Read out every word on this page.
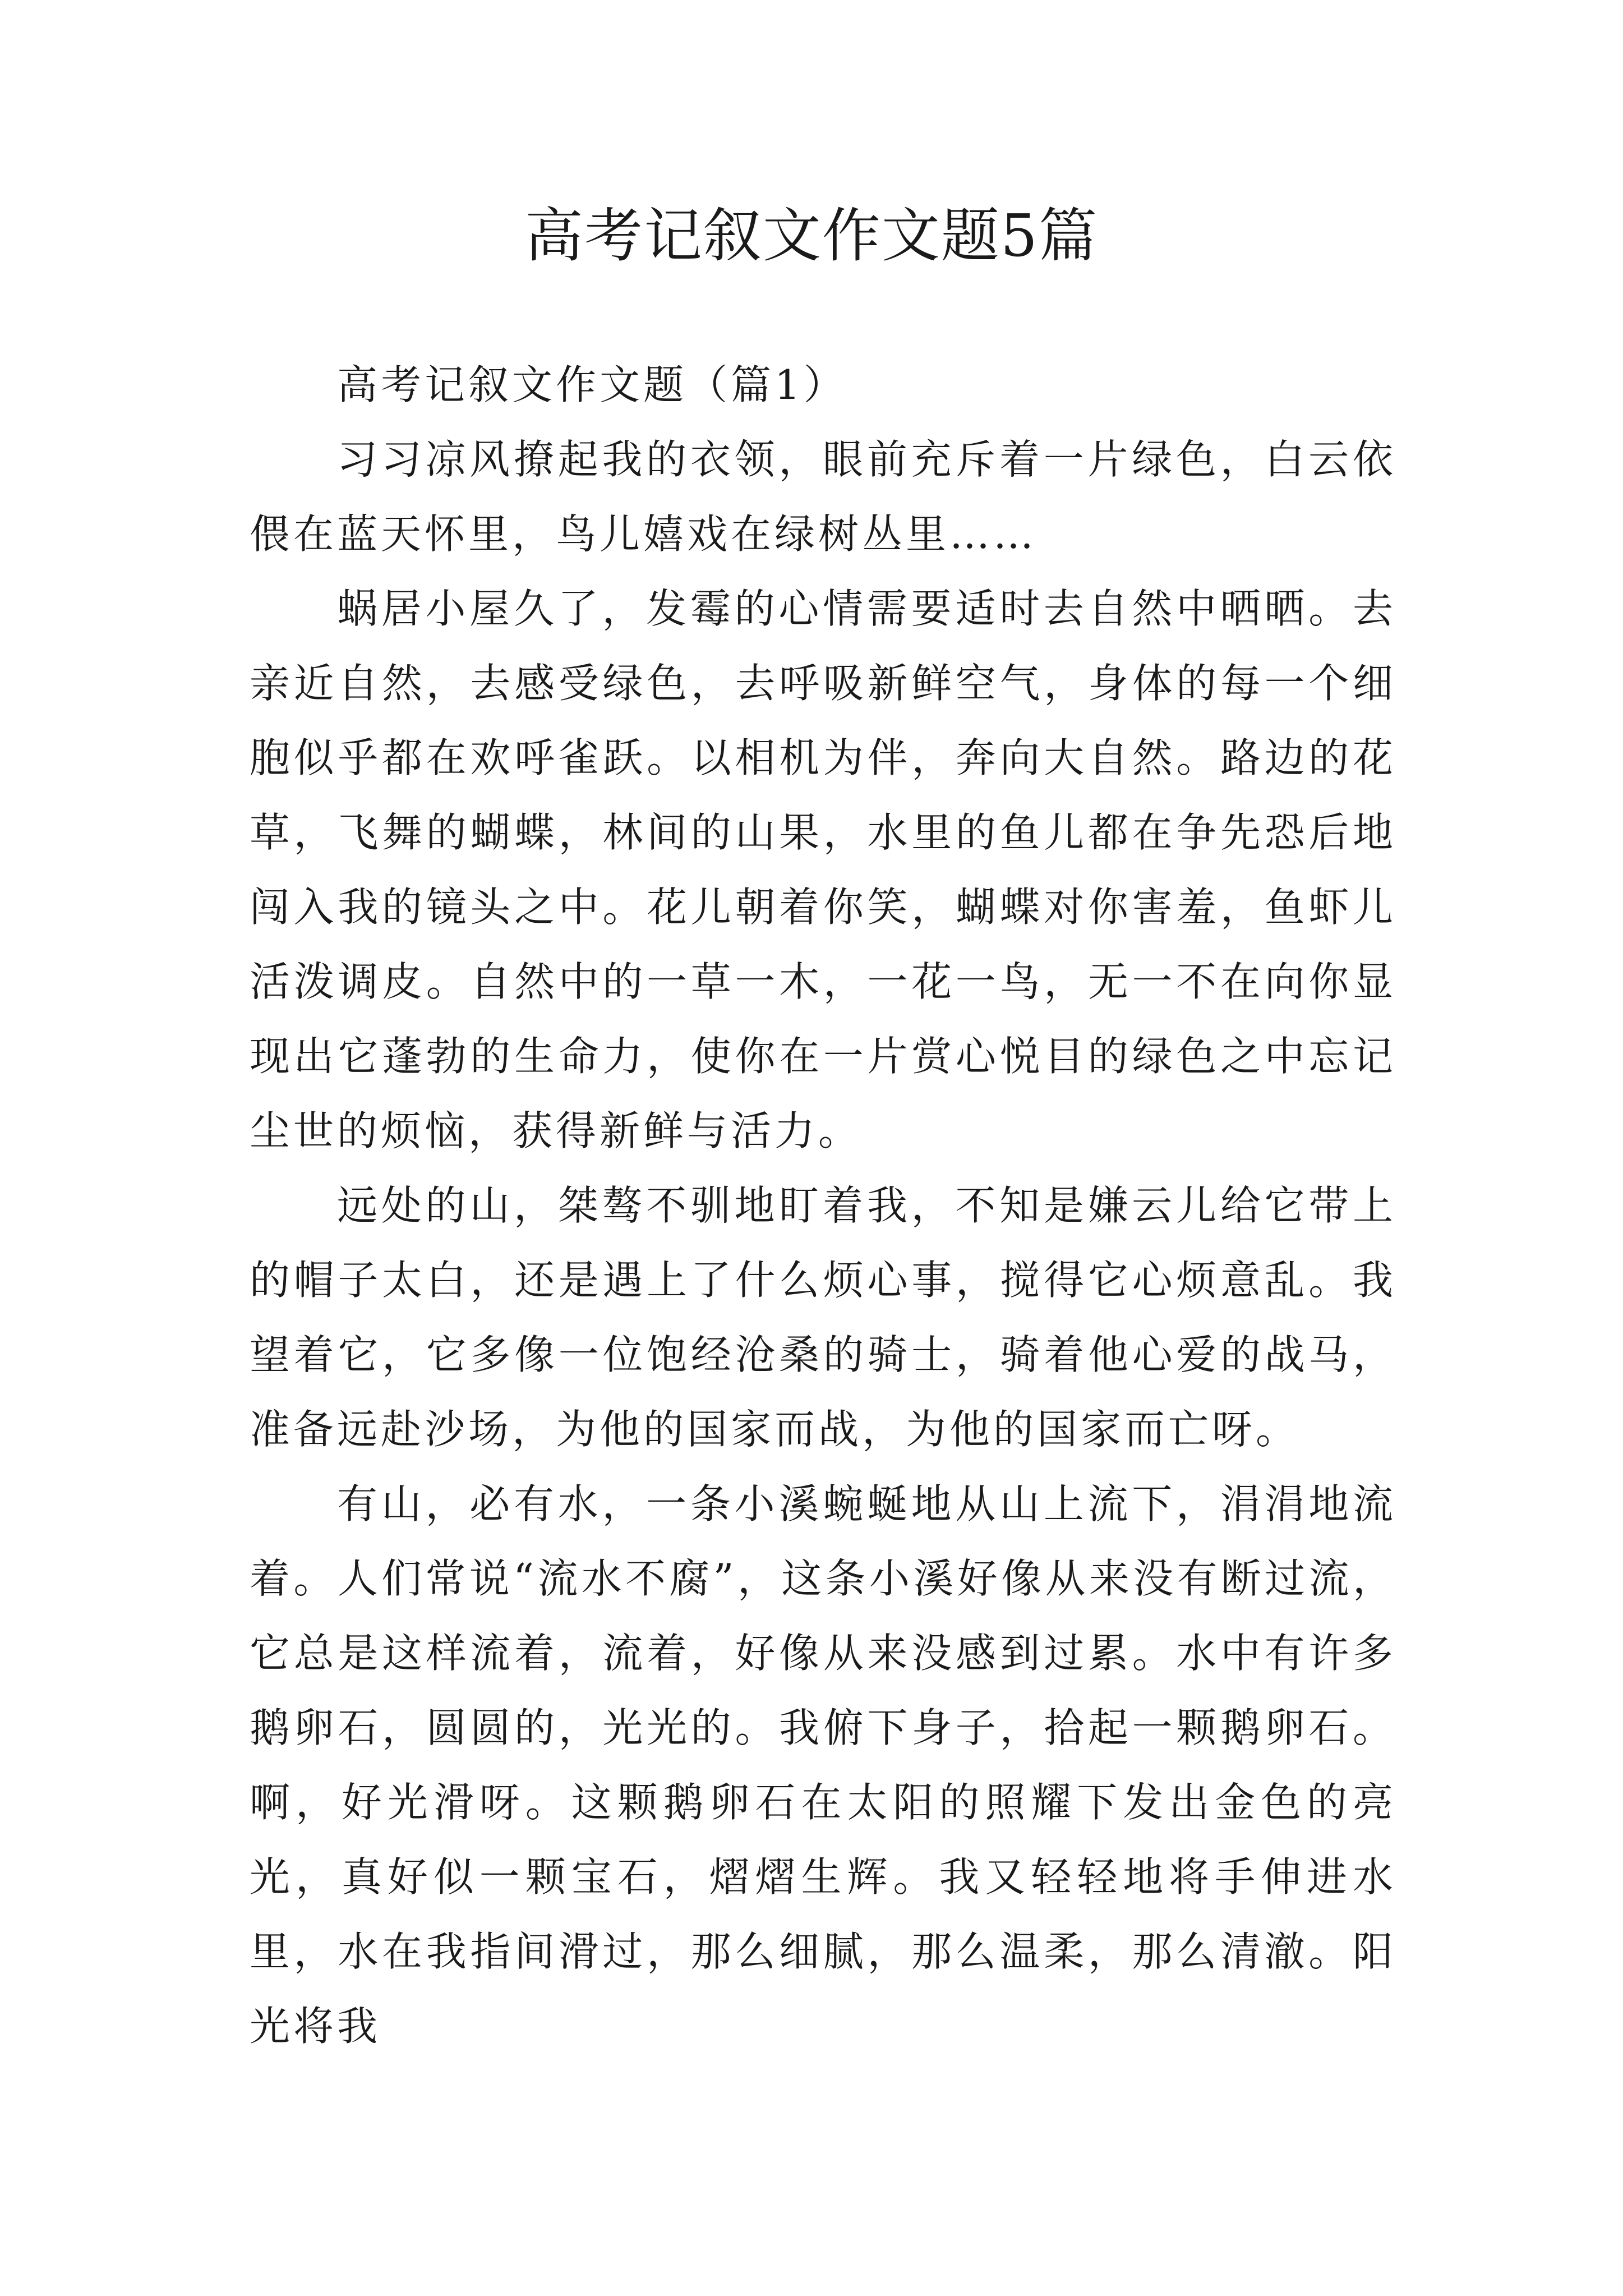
高考记叙文作文题5篇

高考记叙文作文题（篇1）

习习凉风撩起我的衣领，眼前充斥着一片绿色，白云依偎在蓝天怀里，鸟儿嬉戏在绿树丛里……

蜗居小屋久了，发霉的心情需要适时去自然中晒晒。去亲近自然，去感受绿色，去呼吸新鲜空气，身体的每一个细胞似乎都在欢呼雀跃。以相机为伴，奔向大自然。路边的花草，飞舞的蝴蝶，林间的山果，水里的鱼儿都在争先恐后地闯入我的镜头之中。花儿朝着你笑，蝴蝶对你害羞，鱼虾儿活泼调皮。自然中的一草一木，一花一鸟，无一不在向你显现出它蓬勃的生命力，使你在一片赏心悦目的绿色之中忘记尘世的烦恼，获得新鲜与活力。

远处的山，桀骜不驯地盯着我，不知是嫌云儿给它带上的帽子太白，还是遇上了什么烦心事，搅得它心烦意乱。我望着它，它多像一位饱经沧桑的骑士，骑着他心爱的战马，准备远赴沙场，为他的国家而战，为他的国家而亡呀。

有山，必有水，一条小溪蜿蜒地从山上流下，涓涓地流着。人们常说“流水不腐”，这条小溪好像从来没有断过流，它总是这样流着，流着，好像从来没感到过累。水中有许多鹅卵石，圆圆的，光光的。我俯下身子，拾起一颗鹅卵石。啊，好光滑呀。这颗鹅卵石在太阳的照耀下发出金色的亮光，真好似一颗宝石，熠熠生辉。我又轻轻地将手伸进水里，水在我指间滑过，那么细腻，那么温柔，那么清澈。阳光将我
